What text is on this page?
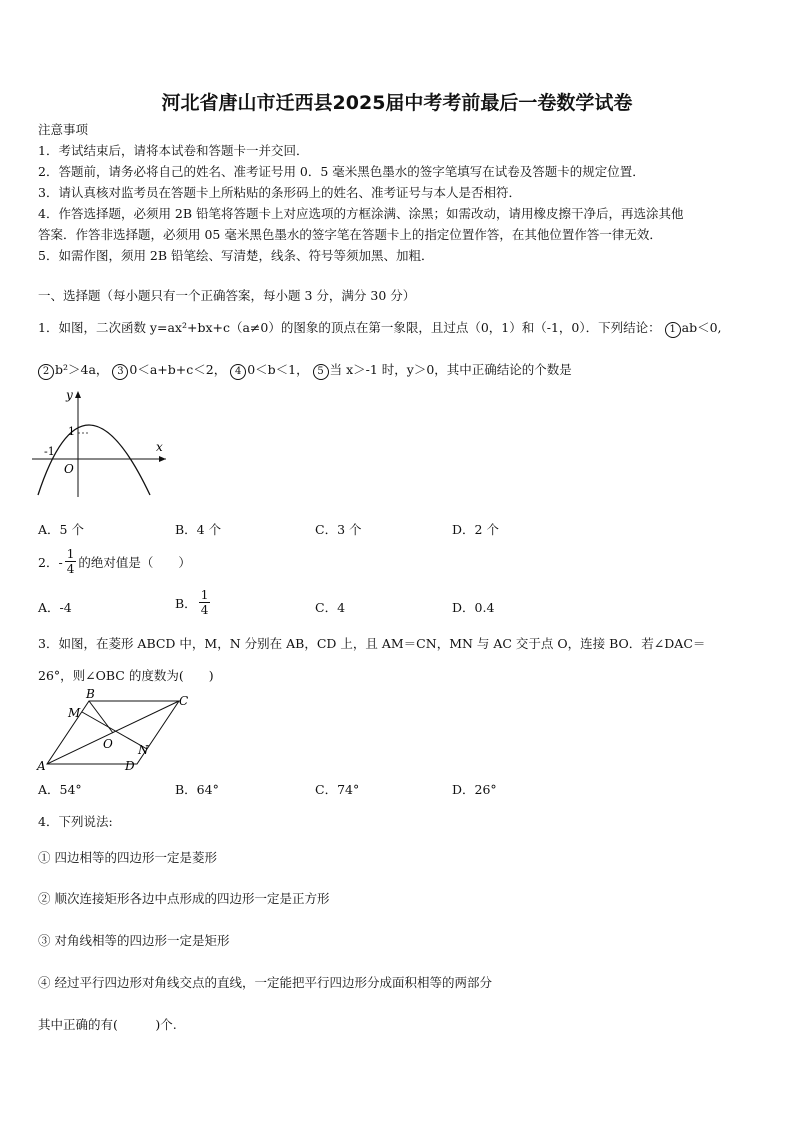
河北省唐山市迁西县2025届中考考前最后一卷数学试卷
注意事项
1．考试结束后，请将本试卷和答题卡一并交回．
2．答题前，请务必将自己的姓名、准考证号用 0．5 毫米黑色墨水的签字笔填写在试卷及答题卡的规定位置．
3．请认真核对监考员在答题卡上所粘贴的条形码上的姓名、准考证号与本人是否相符．
4．作答选择题，必须用 2B 铅笔将答题卡上对应选项的方框涂满、涂黑；如需改动，请用橡皮擦干净后，再选涂其他
答案．作答非选择题，必须用 05 毫米黑色墨水的签字笔在答题卡上的指定位置作答，在其他位置作答一律无效．
5．如需作图，须用 2B 铅笔绘、写清楚，线条、符号等须加黑、加粗．
一、选择题（每小题只有一个正确答案，每小题 3 分，满分 30 分）
1．如图，二次函数 y=ax²+bx+c（a≠0）的图象的顶点在第一象限，且过点（0，1）和（-1，0）．下列结论： 1 ab＜0,
2 b²＞4a， 3 0＜a+b+c＜2， 4 0＜b＜1， 5 当 x＞-1 时，y＞0，其中正确结论的个数是
y
x
1
-1
O
A．5 个	B．4 个	C．3 个	D．2 个
2．- $\frac{1}{4}$ 的绝对值是（　　）
A．-4	B． $\frac{1}{4}$	C．4	D．0.4
3．如图，在菱形 ABCD 中，M，N 分别在 AB，CD 上，且 AM＝CN，MN 与 AC 交于点 O，连接 BO．若∠DAC＝
26°，则∠OBC 的度数为(　　)
A
B	C
D
M
N
O
A．54°	B．64°	C．74°	D．26°
4．下列说法:
① 四边相等的四边形一定是菱形
② 顺次连接矩形各边中点形成的四边形一定是正方形
③ 对角线相等的四边形一定是矩形
④ 经过平行四边形对角线交点的直线，一定能把平行四边形分成面积相等的两部分
其中正确的有(　　　)个.
